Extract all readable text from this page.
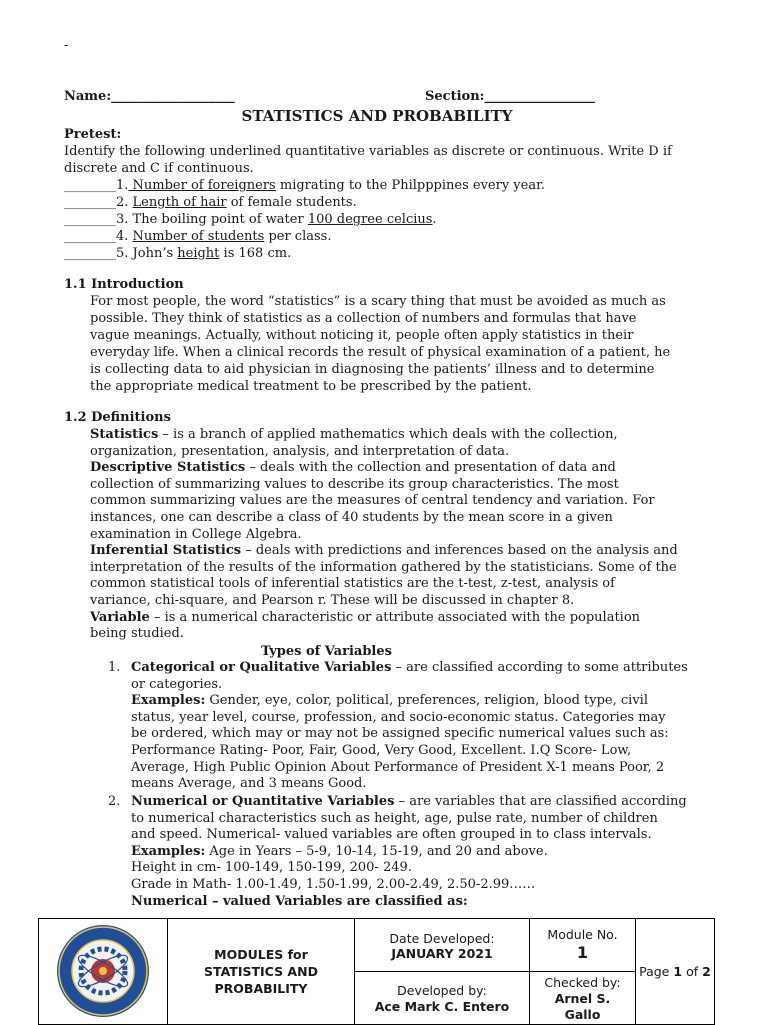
-
Name:___________________	Section:_________________
STATISTICS AND PROBABILITY
Pretest:
Identify the following underlined quantitative variables as discrete or continuous. Write D if
discrete and C if continuous.
________1. Number of foreigners migrating to the Philpppines every year.
________2. Length of hair of female students.
________3. The boiling point of water 100 degree celcius.
________4. Number of students per class.
________5. John’s height is 168 cm.
1.1 Introduction
For most people, the word “statistics” is a scary thing that must be avoided as much as
possible. They think of statistics as a collection of numbers and formulas that have
vague meanings. Actually, without noticing it, people often apply statistics in their
everyday life. When a clinical records the result of physical examination of a patient, he
is collecting data to aid physician in diagnosing the patients’ illness and to determine
the appropriate medical treatment to be prescribed by the patient.
1.2 Definitions
Statistics – is a branch of applied mathematics which deals with the collection,
organization, presentation, analysis, and interpretation of data.
Descriptive Statistics – deals with the collection and presentation of data and
collection of summarizing values to describe its group characteristics. The most
common summarizing values are the measures of central tendency and variation. For
instances, one can describe a class of 40 students by the mean score in a given
examination in College Algebra.
Inferential Statistics – deals with predictions and inferences based on the analysis and
interpretation of the results of the information gathered by the statisticians. Some of the
common statistical tools of inferential statistics are the t-test, z-test, analysis of
variance, chi-square, and Pearson r. These will be discussed in chapter 8.
Variable – is a numerical characteristic or attribute associated with the population
being studied.
Types of Variables
1. Categorical or Qualitative Variables – are classified according to some attributes
or categories.
Examples: Gender, eye, color, political, preferences, religion, blood type, civil
status, year level, course, profession, and socio-economic status. Categories may
be ordered, which may or may not be assigned specific numerical values such as:
Performance Rating- Poor, Fair, Good, Very Good, Excellent. I.Q Score- Low,
Average, High Public Opinion About Performance of President X-1 means Poor, 2
means Average, and 3 means Good.
2. Numerical or Quantitative Variables – are variables that are classified according
to numerical characteristics such as height, age, pulse rate, number of children
and speed. Numerical- valued variables are often grouped in to class intervals.
Examples: Age in Years – 5-9, 10-14, 15-19, and 20 and above.
Height in cm- 100-149, 150-199, 200- 249.
Grade in Math- 1.00-1.49, 1.50-1.99, 2.00-2.49, 2.50-2.99……
Numerical – valued Variables are classified as:
MODULES for
STATISTICS AND
PROBABILITY
Date Developed:
JANUARY 2021
Developed by:
Ace Mark C. Entero
Module No.
1
Checked by:
Arnel S.
Gallo
Page 1 of 2
